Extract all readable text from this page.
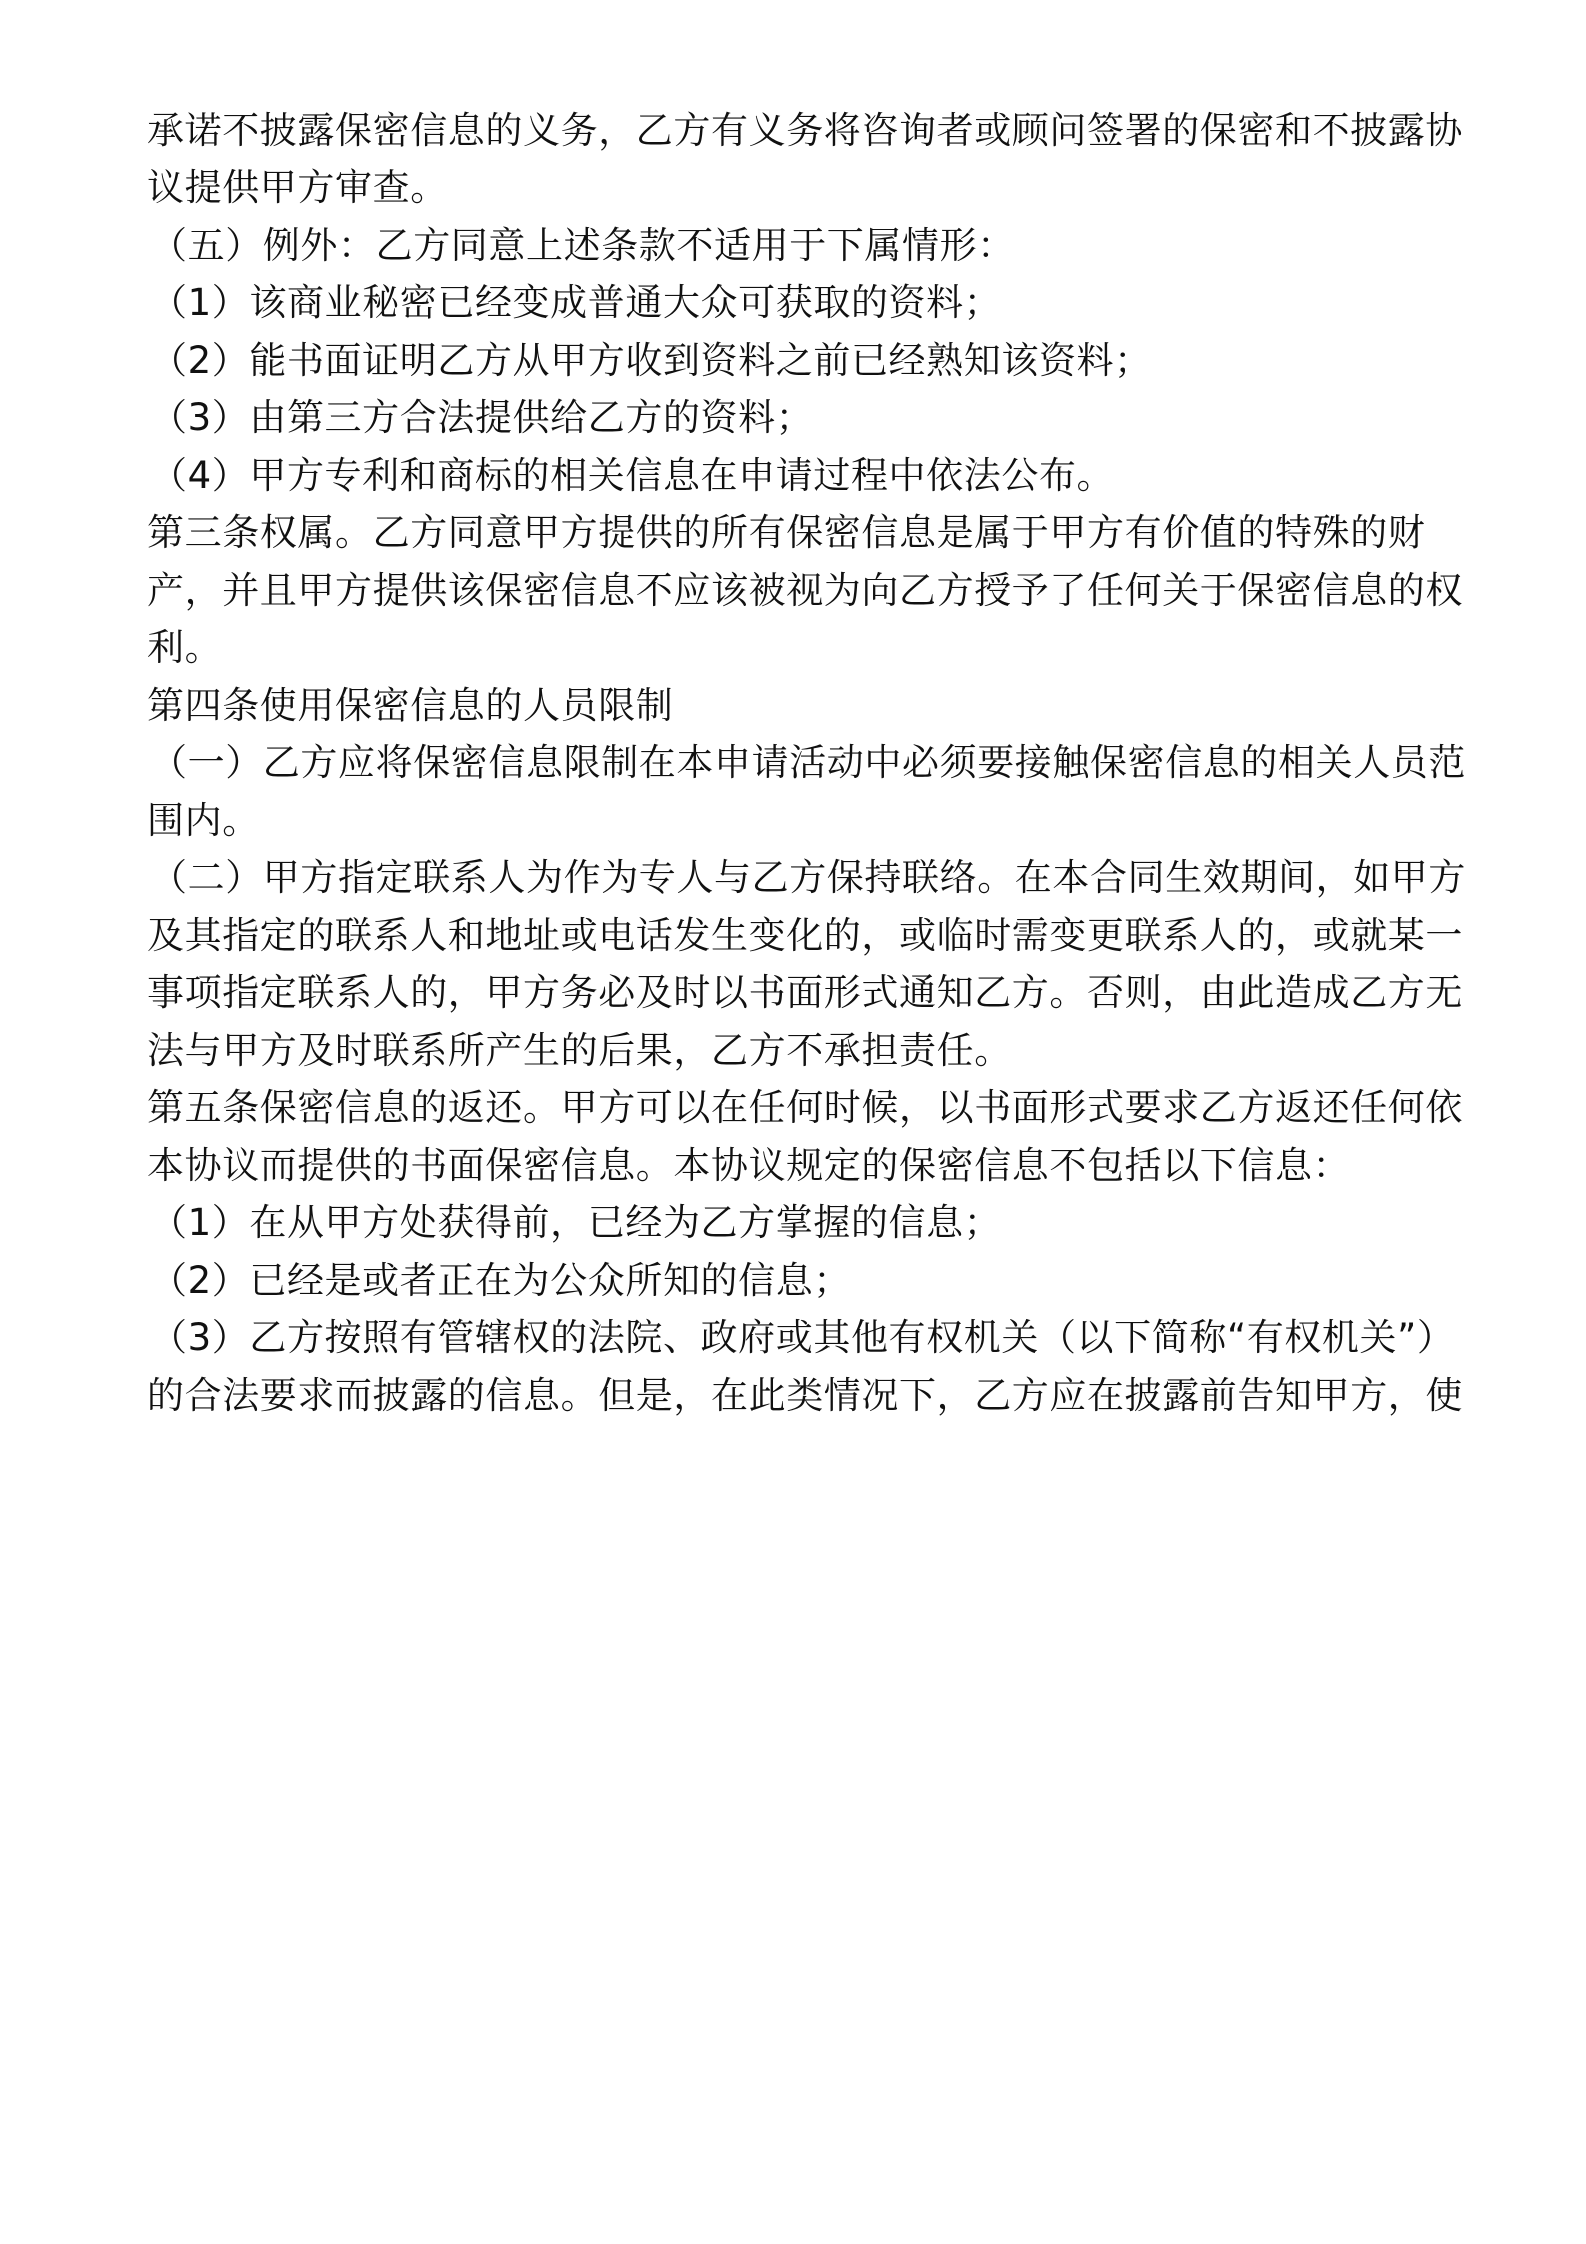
承诺不披露保密信息的义务，乙方有义务将咨询者或顾问签署的保密和不披露协
议提供甲方审查。
（五）例外：乙方同意上述条款不适用于下属情形：
（1）该商业秘密已经变成普通大众可获取的资料；
（2）能书面证明乙方从甲方收到资料之前已经熟知该资料；
（3）由第三方合法提供给乙方的资料；
（4）甲方专利和商标的相关信息在申请过程中依法公布。
第三条权属。乙方同意甲方提供的所有保密信息是属于甲方有价值的特殊的财
产，并且甲方提供该保密信息不应该被视为向乙方授予了任何关于保密信息的权
利。
第四条使用保密信息的人员限制
（一）乙方应将保密信息限制在本申请活动中必须要接触保密信息的相关人员范
围内。
（二）甲方指定联系人为作为专人与乙方保持联络。在本合同生效期间，如甲方
及其指定的联系人和地址或电话发生变化的，或临时需变更联系人的，或就某一
事项指定联系人的，甲方务必及时以书面形式通知乙方。否则，由此造成乙方无
法与甲方及时联系所产生的后果，乙方不承担责任。
第五条保密信息的返还。甲方可以在任何时候，以书面形式要求乙方返还任何依
本协议而提供的书面保密信息。本协议规定的保密信息不包括以下信息：
（1）在从甲方处获得前，已经为乙方掌握的信息；
（2）已经是或者正在为公众所知的信息；
（3）乙方按照有管辖权的法院、政府或其他有权机关（以下简称“有权机关”）
的合法要求而披露的信息。但是，在此类情况下，乙方应在披露前告知甲方，使
